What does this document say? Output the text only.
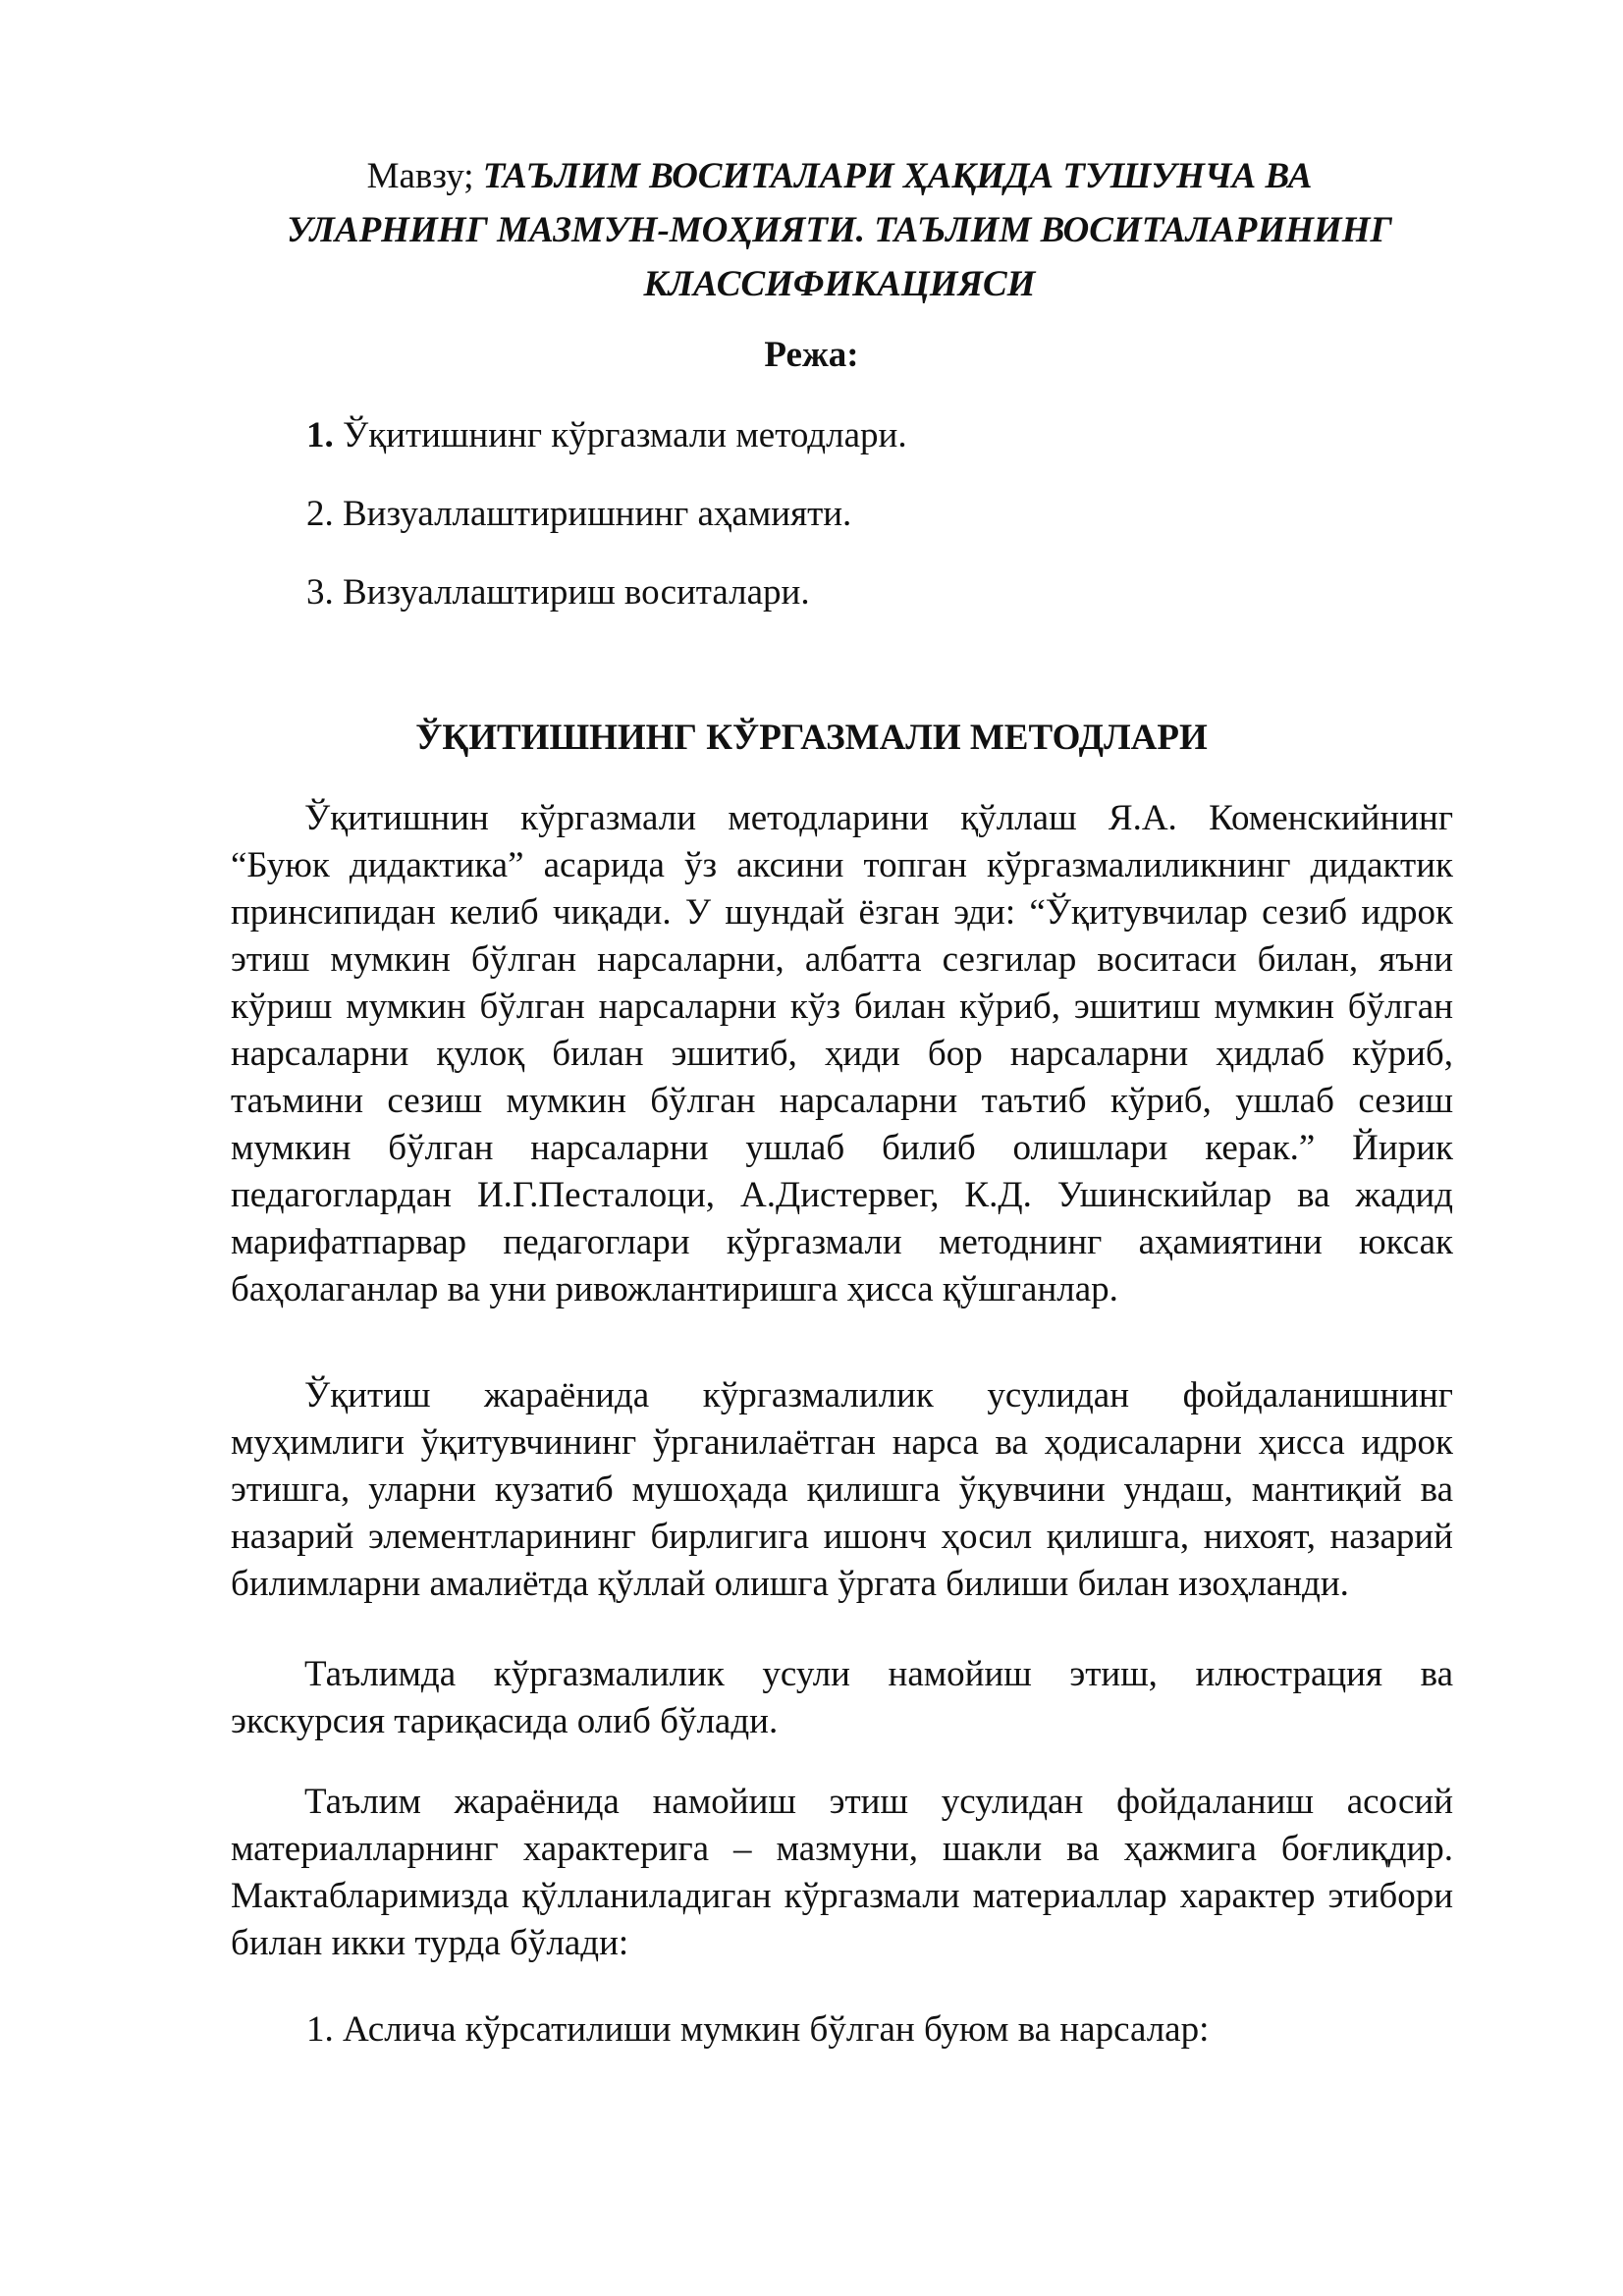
Мавзу; ТАЪЛИМ ВОСИТАЛАРИ ҲАҚИДА ТУШУНЧА ВА
УЛАРНИНГ МАЗМУН-МОҲИЯТИ. ТАЪЛИМ ВОСИТАЛАРИНИНГ
КЛАССИФИКАЦИЯСИ
Режа:
1. Ўқитишнинг кўргазмали методлари.
2. Визуаллаштиришнинг аҳамияти.
3. Визуаллаштириш воситалари.
ЎҚИТИШНИНГ КЎРГАЗМАЛИ МЕТОДЛАРИ
Ўқитишнин кўргазмали методларини қўллаш Я.А. Коменскийнинг
“Буюк дидактика” асарида ўз аксини топган кўргазмалиликнинг дидактик
принсипидан келиб чиқади. У шундай ёзган эди: “Ўқитувчилар сезиб идрок
этиш мумкин бўлган нарсаларни, албатта сезгилар воситаси билан, яъни
кўриш мумкин бўлган нарсаларни кўз билан кўриб, эшитиш мумкин бўлган
нарсаларни қулоқ билан эшитиб, ҳиди бор нарсаларни ҳидлаб кўриб,
таъмини сезиш мумкин бўлган нарсаларни таътиб кўриб, ушлаб сезиш
мумкин бўлган нарсаларни ушлаб билиб олишлари керак.” Йирик
педагоглардан И.Г.Песталоци, А.Дистервег, К.Д. Ушинскийлар ва жадид
марифатпарвар педагоглари кўргазмали методнинг аҳамиятини юксак
баҳолаганлар ва уни ривожлантиришга ҳисса қўшганлар.
Ўқитиш жараёнида кўргазмалилик усулидан фойдаланишнинг
муҳимлиги ўқитувчининг ўрганилаётган нарса ва ҳодисаларни ҳисса идрок
этишга, уларни кузатиб мушоҳада қилишга ўқувчини ундаш, мантиқий ва
назарий элементларининг бирлигига ишонч ҳосил қилишга, нихоят, назарий
билимларни амалиётда қўллай олишга ўргата билиши билан изоҳланди.
Таълимда кўргазмалилик усули намойиш этиш, илюстрация ва
экскурсия тариқасида олиб бўлади.
Таълим жараёнида намойиш этиш усулидан фойдаланиш асосий
материалларнинг характерига – мазмуни, шакли ва ҳажмига боғлиқдир.
Мактабларимизда қўлланиладиган кўргазмали материаллар характер этибори
билан икки турда бўлади:
1. Аслича кўрсатилиши мумкин бўлган буюм ва нарсалар:
